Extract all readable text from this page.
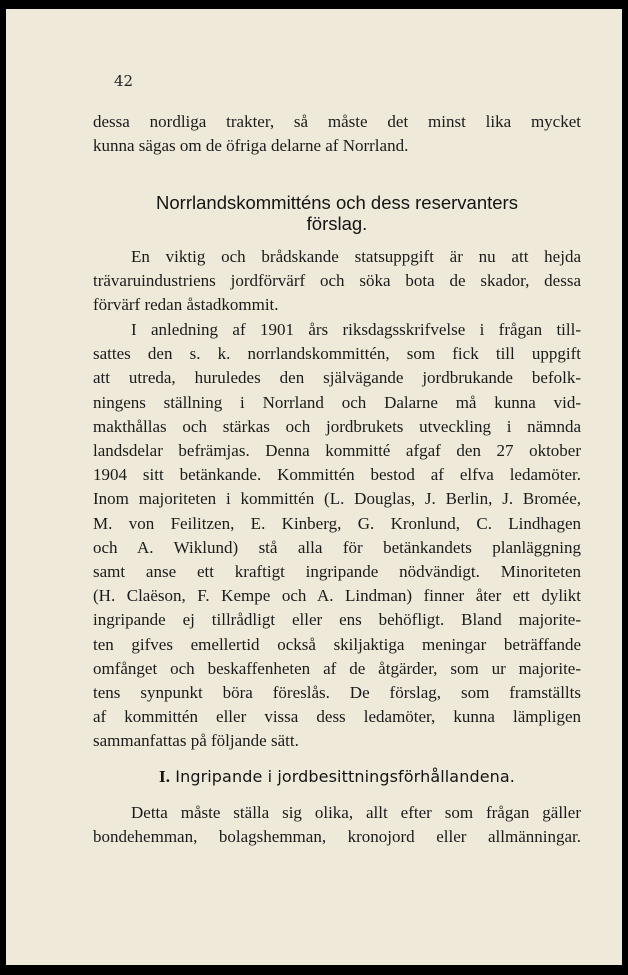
42
dessa nordliga trakter, så måste det minst lika mycket
kunna sägas om de öfriga delarne af Norrland.
Norrlandskommitténs och dess reservanters
förslag.
En viktig och brådskande statsuppgift är nu att hejda
trävaruindustriens jordförvärf och söka bota de skador, dessa
förvärf redan åstadkommit.
I anledning af 1901 års riksdagsskrifvelse i frågan till-
sattes den s. k. norrlandskommittén, som fick till uppgift
att utreda, huruledes den självägande jordbrukande befolk-
ningens ställning i Norrland och Dalarne må kunna vid-
makthållas och stärkas och jordbrukets utveckling i nämnda
landsdelar befrämjas. Denna kommitté afgaf den 27 oktober
1904 sitt betänkande. Kommittén bestod af elfva ledamöter.
Inom majoriteten i kommittén (L. Douglas, J. Berlin, J. Bromée,
M. von Feilitzen, E. Kinberg, G. Kronlund, C. Lindhagen
och A. Wiklund) stå alla för betänkandets planläggning
samt anse ett kraftigt ingripande nödvändigt. Minoriteten
(H. Claëson, F. Kempe och A. Lindman) finner åter ett dylikt
ingripande ej tillrådligt eller ens behöfligt. Bland majorite-
ten gifves emellertid också skiljaktiga meningar beträffande
omfånget och beskaffenheten af de åtgärder, som ur majorite-
tens synpunkt böra föreslås. De förslag, som framställts
af kommittén eller vissa dess ledamöter, kunna lämpligen
sammanfattas på följande sätt.
I. Ingripande i jordbesittningsförhållandena.
Detta måste ställa sig olika, allt efter som frågan gäller
bondehemman, bolagshemman, kronojord eller allmänningar.
